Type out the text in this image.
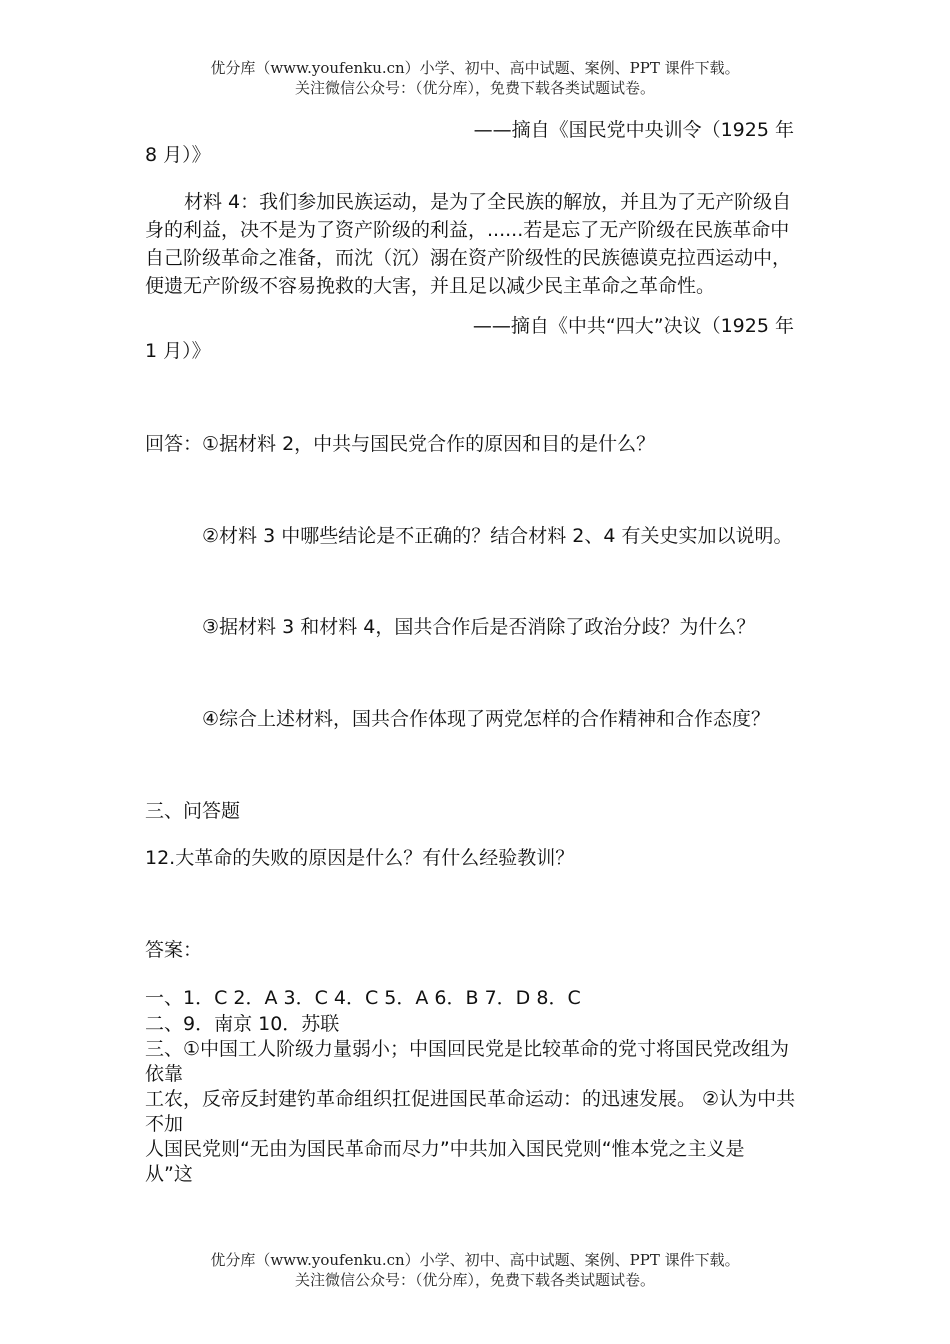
优分库（www.youfenku.cn）小学、初中、高中试题、案例、PPT 课件下载。
关注微信公众号：（优分库），免费下载各类试题试卷。
——摘自《国民党中央训令（1925 年
8 月）》
材料 4：我们参加民族运动，是为了全民族的解放，并且为了无产阶级自
身的利益，决不是为了资产阶级的利益，......若是忘了无产阶级在民族革命中
自己阶级革命之准备，而沈（沉）溺在资产阶级性的民族德谟克拉西运动中，
便遗无产阶级不容易挽救的大害，并且足以减少民主革命之革命性。
——摘自《中共“四大”决议（1925 年
1 月）》
回答：①据材料 2，中共与国民党合作的原因和目的是什么？
②材料 3 中哪些结论是不正确的？结合材料 2、4 有关史实加以说明。
③据材料 3 和材料 4，国共合作后是否消除了政治分歧？为什么？
④综合上述材料，国共合作体现了两党怎样的合作精神和合作态度？
三、问答题
12.大革命的失败的原因是什么？有什么经验教训？
答案：
一、1．C 2．A 3．C 4．C 5．A 6．B 7．D 8．C
二、9．南京 10．苏联
三、①中国工人阶级力量弱小；中国回民党是比较革命的党寸将国民党改组为
依靠
工农，反帝反封建钓革命组织扛促进国民革命运动：的迅速发展。 ②认为中共
不加
人国民党则“无由为国民革命而尽力”中共加入国民党则“惟本党之主义是
从”这
优分库（www.youfenku.cn）小学、初中、高中试题、案例、PPT 课件下载。
关注微信公众号：（优分库），免费下载各类试题试卷。
